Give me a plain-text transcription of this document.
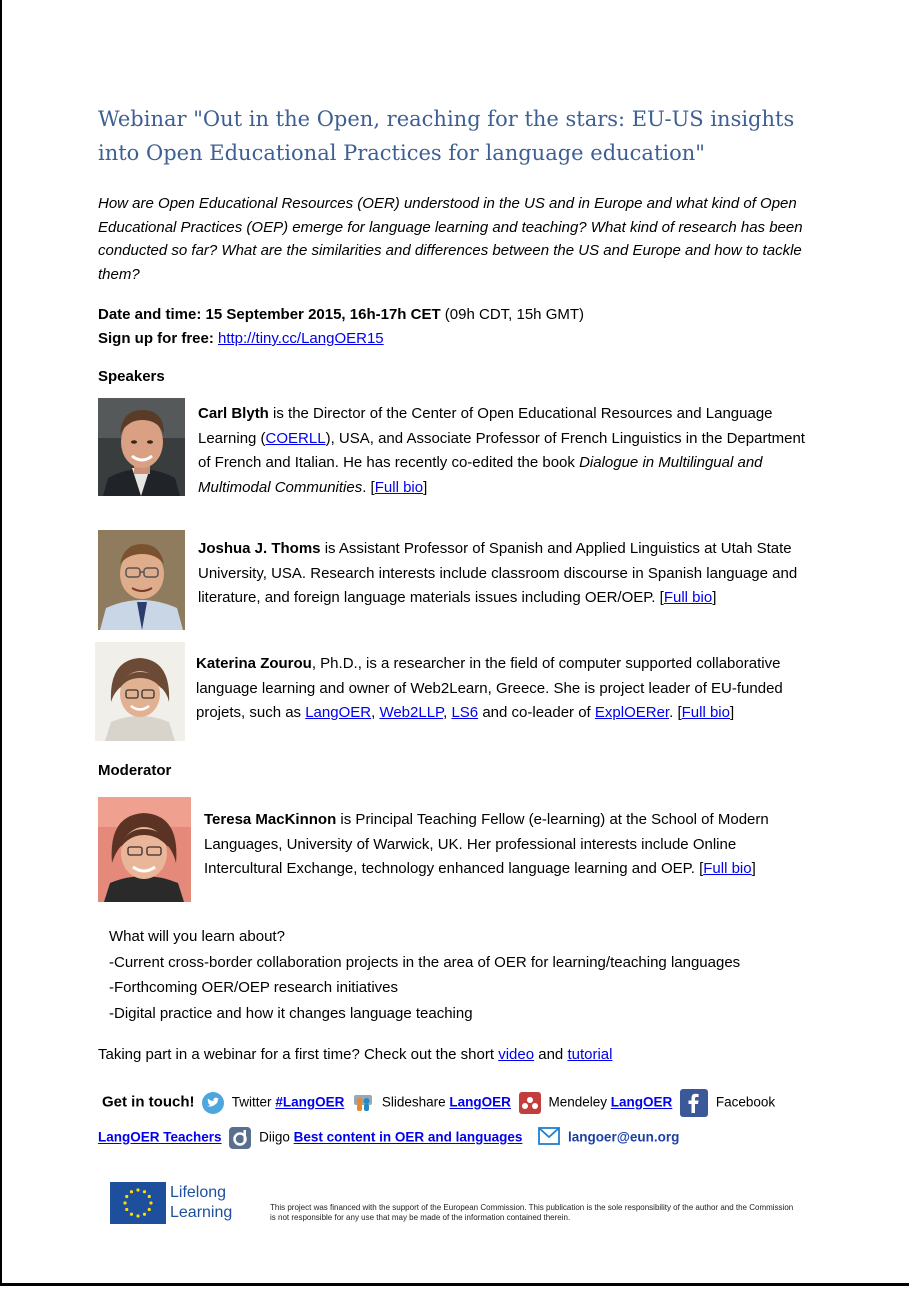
Webinar "Out in the Open, reaching for the stars: EU-US insights into Open Educational Practices for language education"

How are Open Educational Resources (OER) understood in the US and in Europe and what kind of Open Educational Practices (OEP) emerge for language learning and teaching? What kind of research has been conducted so far? What are the similarities and differences between the US and Europe and how to tackle them?

Date and time: 15 September 2015, 16h-17h CET (09h CDT, 15h GMT)
Sign up for free: http://tiny.cc/LangOER15
Speakers

Carl Blyth is the Director of the Center of Open Educational Resources and Language Learning (COERLL), USA, and Associate Professor of French Linguistics in the Department of French and Italian. He has recently co-edited the book Dialogue in Multilingual and Multimodal Communities. [Full bio]

Joshua J. Thoms is Assistant Professor of Spanish and Applied Linguistics at Utah State University, USA. Research interests include classroom discourse in Spanish language and literature, and foreign language materials issues including OER/OEP. [Full bio]

Katerina Zourou, Ph.D., is a researcher in the field of computer supported collaborative language learning and owner of Web2Learn, Greece. She is project leader of EU-funded projets, such as LangOER, Web2LLP, LS6 and co-leader of ExplOERer. [Full bio]

Moderator

Teresa MacKinnon is Principal Teaching Fellow (e-learning) at the School of Modern Languages, University of Warwick, UK. Her professional interests include Online Intercultural Exchange, technology enhanced language learning and OEP. [Full bio]

What will you learn about?
-Current cross-border collaboration projects in the area of OER for learning/teaching languages
-Forthcoming OER/OEP research initiatives
-Digital practice and how it changes language teaching
Taking part in a webinar for a first time? Check out the short video and tutorial
Get in touch!	Twitter #LangOER	Slideshare LangOER	Mendeley LangOER	Facebook
LangOER Teachers	Diigo Best content in OER and languages	langoer@eun.org
Lifelong
Learning	This project was financed with the support of the European Commission. This publication is the sole responsibility of the author and the Commission is not responsible for any use that may be made of the information contained therein.
